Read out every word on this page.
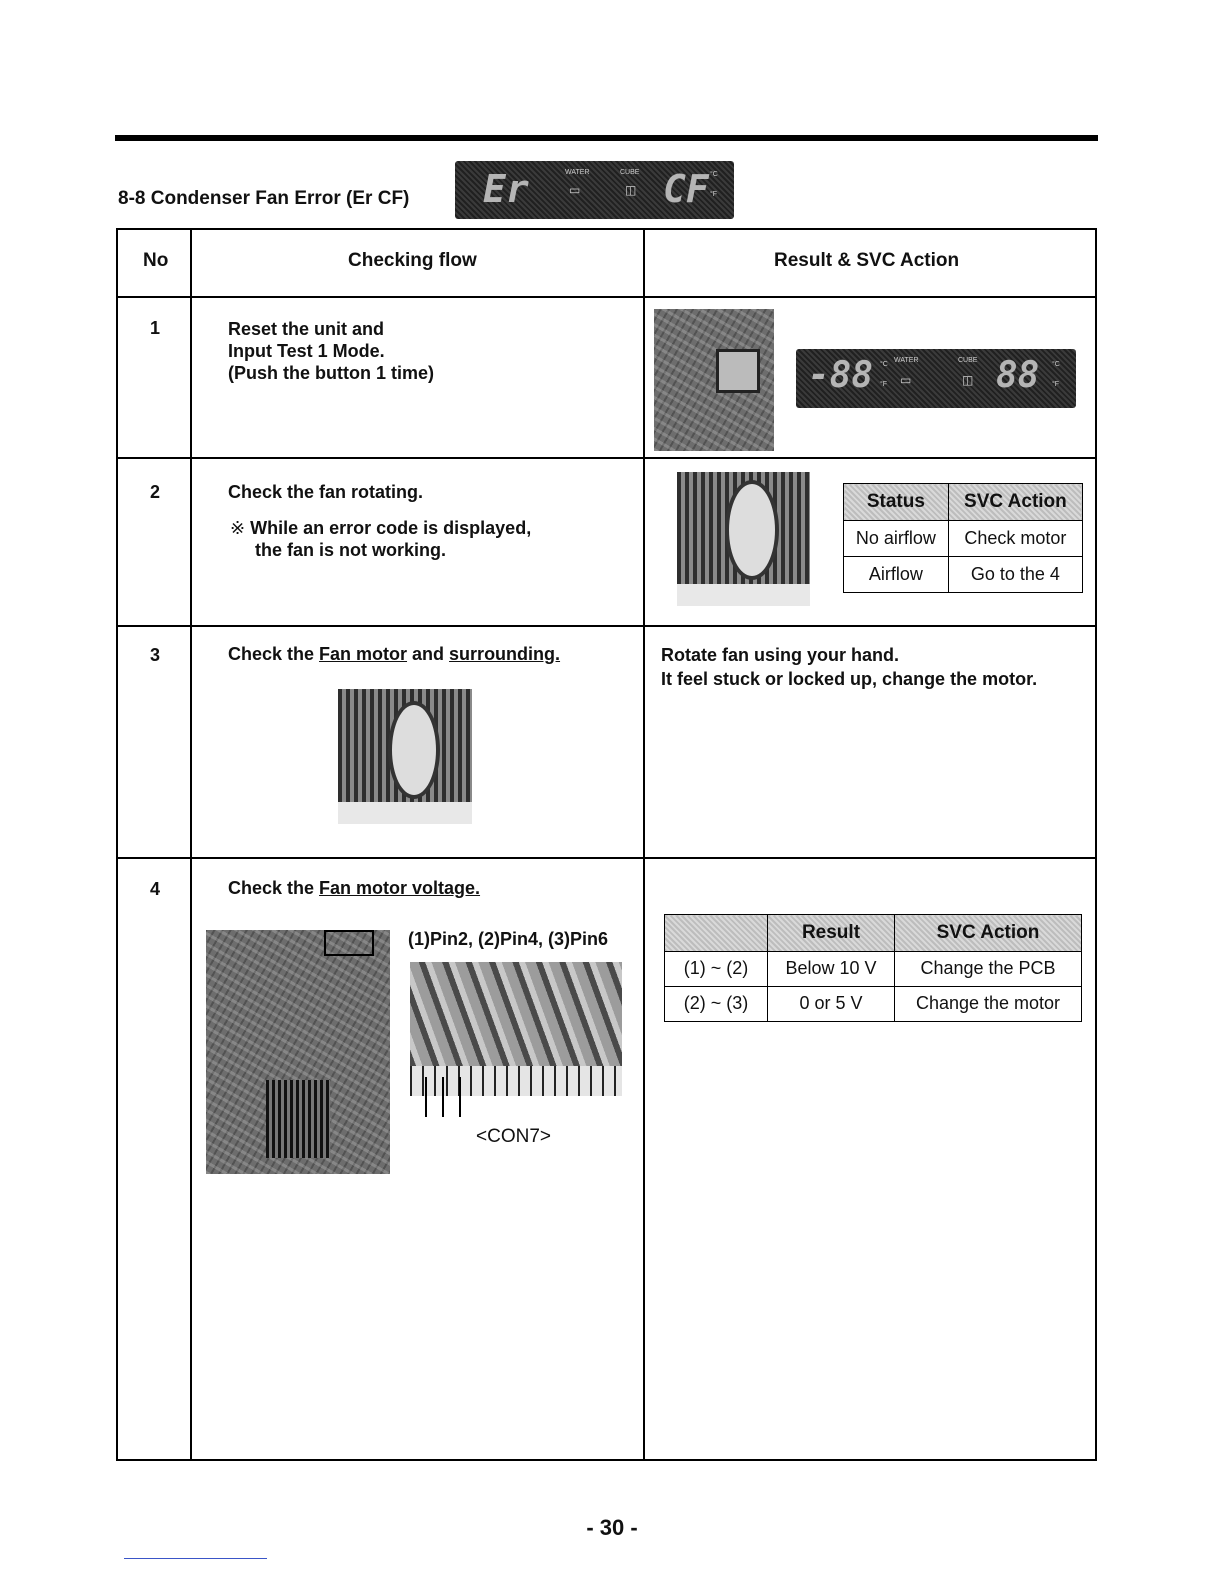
8-8 Condenser Fan Error (Er CF) Er	WATER
▭
CUBE
◫ CF °C
°F
No	Checking flow	Result & SVC Action
1	Reset the unit and
Input Test 1 Mode.
(Push the button 1 time)	-88 °C
°F
WATER
▭
CUBE
◫ 88 °C
°F
2	Check the fan rotating.
※ While an error code is displayed,
the fan is not working.
Status	SVC Action
No airflow	Check motor
Airflow	Go to the 4
3	Check the Fan motor and surrounding.	Rotate fan using your hand.
It feel stuck or locked up, change the motor.
4	Check the Fan motor voltage.
(1)Pin2, (2)Pin4, (3)Pin6
<CON7>
	Result	SVC Action
(1) ~ (2)	Below 10 V	Change the PCB
(2) ~ (3)	0 or 5 V	Change the motor
- 30 -
